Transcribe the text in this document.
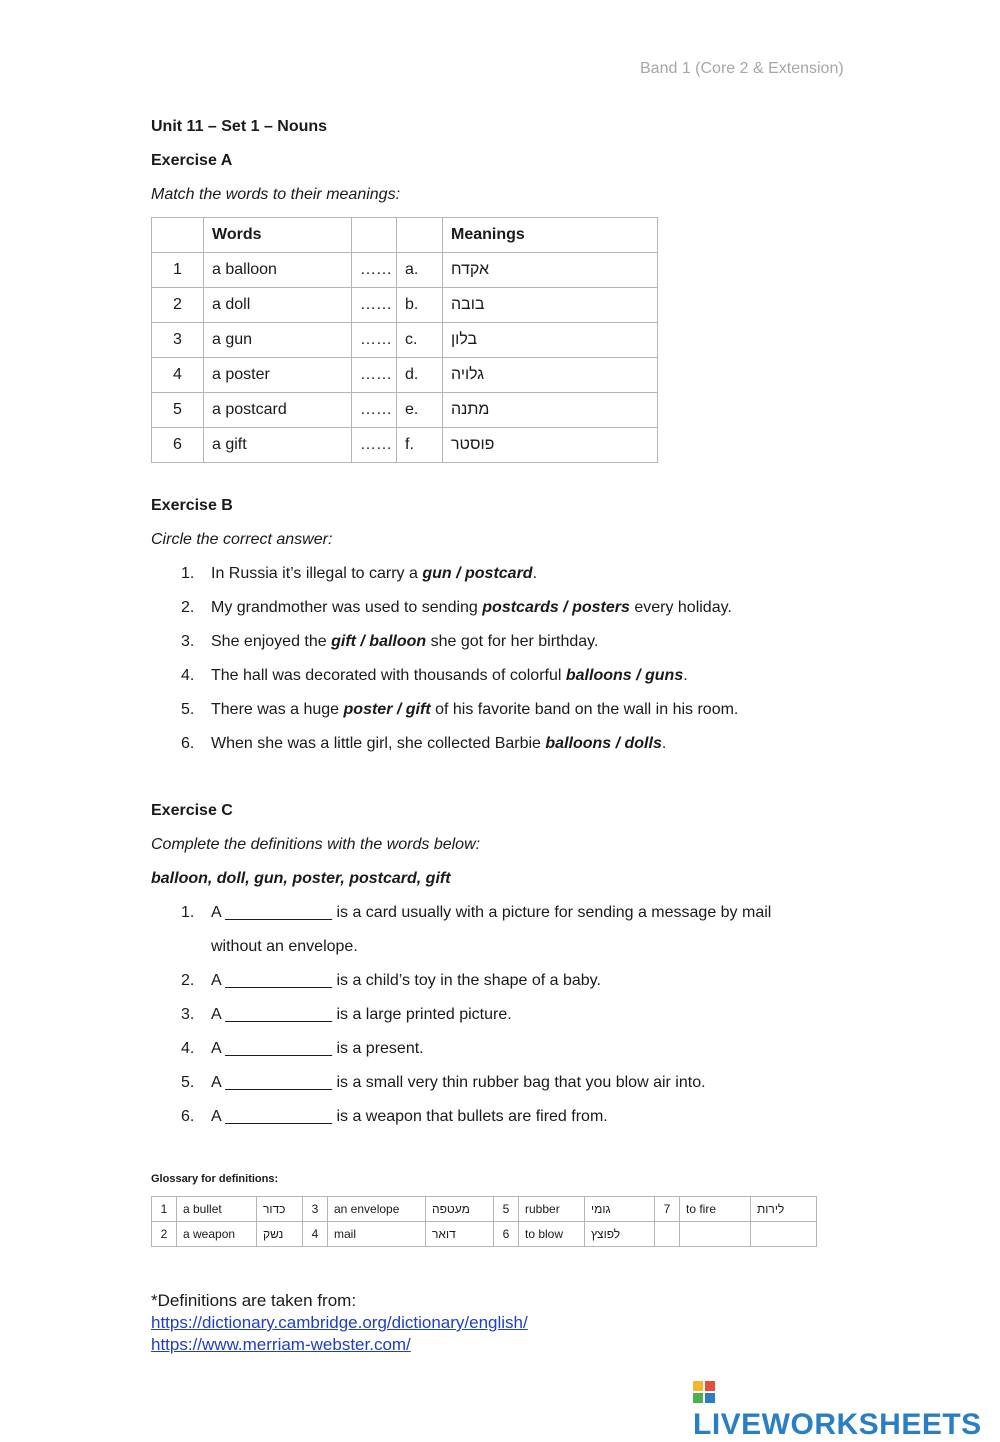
Band 1 (Core 2 & Extension)
Unit 11 – Set 1 – Nouns
Exercise A
Match the words to their meanings:
	Words			Meanings
1	a balloon	……	a.	אקדח
2	a doll	……	b.	בובה
3	a gun	……	c.	בלון
4	a poster	……	d.	גלויה
5	a postcard	……	e.	מתנה
6	a gift	……	f.	פוסטר
Exercise B
Circle the correct answer:
1. In Russia it’s illegal to carry a gun / postcard.
2. My grandmother was used to sending postcards / posters every holiday.
3. She enjoyed the gift / balloon she got for her birthday.
4. The hall was decorated with thousands of colorful balloons / guns.
5. There was a huge poster / gift of his favorite band on the wall in his room.
6. When she was a little girl, she collected Barbie balloons / dolls.
Exercise C
Complete the definitions with the words below:
balloon, doll, gun, poster, postcard, gift
1. A ____________ is a card usually with a picture for sending a message by mail
without an envelope.
2. A ____________ is a child’s toy in the shape of a baby.
3. A ____________ is a large printed picture.
4. A ____________ is a present.
5. A ____________ is a small very thin rubber bag that you blow air into.
6. A ____________ is a weapon that bullets are fired from.
Glossary for definitions:
1	a bullet	כדור	3	an envelope	מעטפה	5	rubber	גומי	7	to fire	לירות
2	a weapon	נשק	4	mail	דואר	6	to blow	לפוצץ			
*Definitions are taken from:
https://dictionary.cambridge.org/dictionary/english/
https://www.merriam-webster.com/
LIVEWORKSHEETS
